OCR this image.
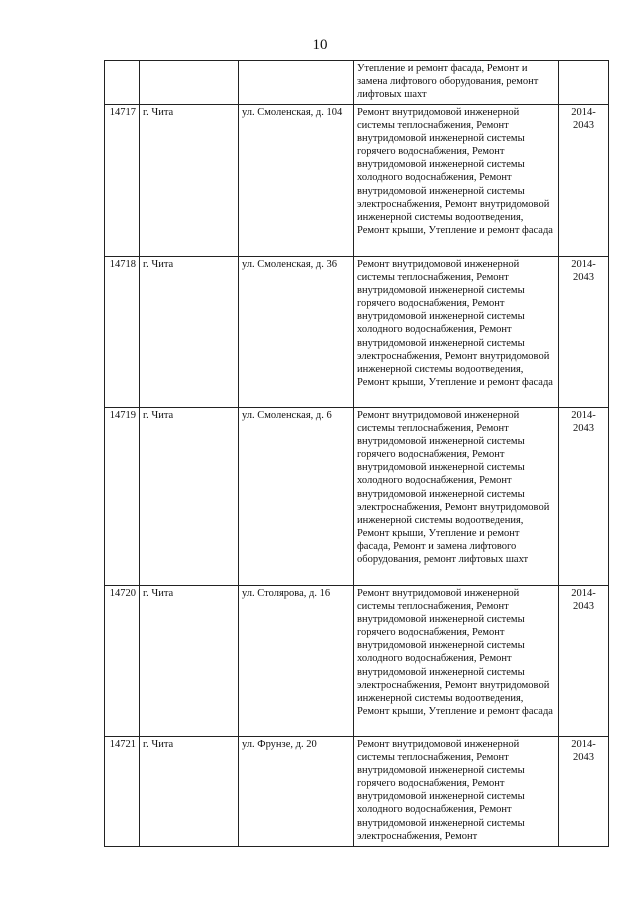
10
			Утепление и ремонт фасада, Ремонт и замена лифтового оборудования, ремонт лифтовых шахт	
14717	г. Чита	ул. Смоленская, д. 104	Ремонт внутридомовой инженерной системы теплоснабжения, Ремонт внутридомовой инженерной системы горячего водоснабжения, Ремонт внутридомовой инженерной системы холодного водоснабжения, Ремонт внутридомовой инженерной системы электроснабжения, Ремонт внутридомовой инженерной системы водоотведения, Ремонт крыши, Утепление и ремонт фасада	2014-2043
14718	г. Чита	ул. Смоленская, д. 36	Ремонт внутридомовой инженерной системы теплоснабжения, Ремонт внутридомовой инженерной системы горячего водоснабжения, Ремонт внутридомовой инженерной системы холодного водоснабжения, Ремонт внутридомовой инженерной системы электроснабжения, Ремонт внутридомовой инженерной системы водоотведения, Ремонт крыши, Утепление и ремонт фасада	2014-2043
14719	г. Чита	ул. Смоленская, д. 6	Ремонт внутридомовой инженерной системы теплоснабжения, Ремонт внутридомовой инженерной системы горячего водоснабжения, Ремонт внутридомовой инженерной системы холодного водоснабжения, Ремонт внутридомовой инженерной системы электроснабжения, Ремонт внутридомовой инженерной системы водоотведения, Ремонт крыши, Утепление и ремонт фасада, Ремонт и замена лифтового оборудования, ремонт лифтовых шахт	2014-2043
14720	г. Чита	ул. Столярова, д. 16	Ремонт внутридомовой инженерной системы теплоснабжения, Ремонт внутридомовой инженерной системы горячего водоснабжения, Ремонт внутридомовой инженерной системы холодного водоснабжения, Ремонт внутридомовой инженерной системы электроснабжения, Ремонт внутридомовой инженерной системы водоотведения, Ремонт крыши, Утепление и ремонт фасада	2014-2043
14721	г. Чита	ул. Фрунзе, д. 20	Ремонт внутридомовой инженерной системы теплоснабжения, Ремонт внутридомовой инженерной системы горячего водоснабжения, Ремонт внутридомовой инженерной системы холодного водоснабжения, Ремонт внутридомовой инженерной системы электроснабжения, Ремонт	2014-2043
